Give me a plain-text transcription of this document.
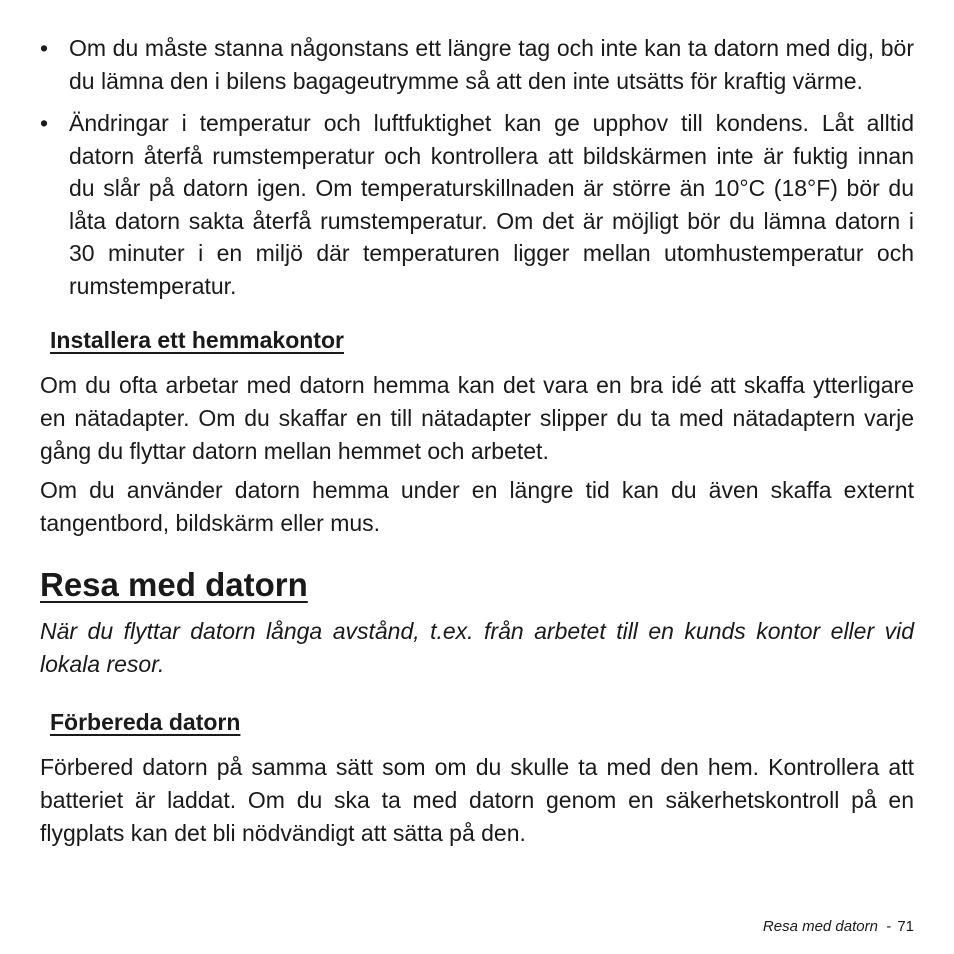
• Om du måste stanna någonstans ett längre tag och inte kan ta datorn med dig, bör du lämna den i bilens bagageutrymme så att den inte utsätts för kraftig värme.
• Ändringar i temperatur och luftfuktighet kan ge upphov till kondens. Låt alltid datorn återfå rumstemperatur och kontrollera att bildskärmen inte är fuktig innan du slår på datorn igen. Om temperaturskillnaden är större än 10°C (18°F) bör du låta datorn sakta återfå rumstemperatur. Om det är möjligt bör du lämna datorn i 30 minuter i en miljö där temperaturen ligger mellan utomhustemperatur och rumstemperatur.
Installera ett hemmakontor

Om du ofta arbetar med datorn hemma kan det vara en bra idé att skaffa ytterligare en nätadapter. Om du skaffar en till nätadapter slipper du ta med nätadaptern varje gång du flyttar datorn mellan hemmet och arbetet.

Om du använder datorn hemma under en längre tid kan du även skaffa externt tangentbord, bildskärm eller mus.

Resa med datorn

När du flyttar datorn långa avstånd, t.ex. från arbetet till en kunds kontor eller vid lokala resor.

Förbereda datorn

Förbered datorn på samma sätt som om du skulle ta med den hem. Kontrollera att batteriet är laddat. Om du ska ta med datorn genom en säkerhetskontroll på en flygplats kan det bli nödvändigt att sätta på den.

Resa med datorn - 71
